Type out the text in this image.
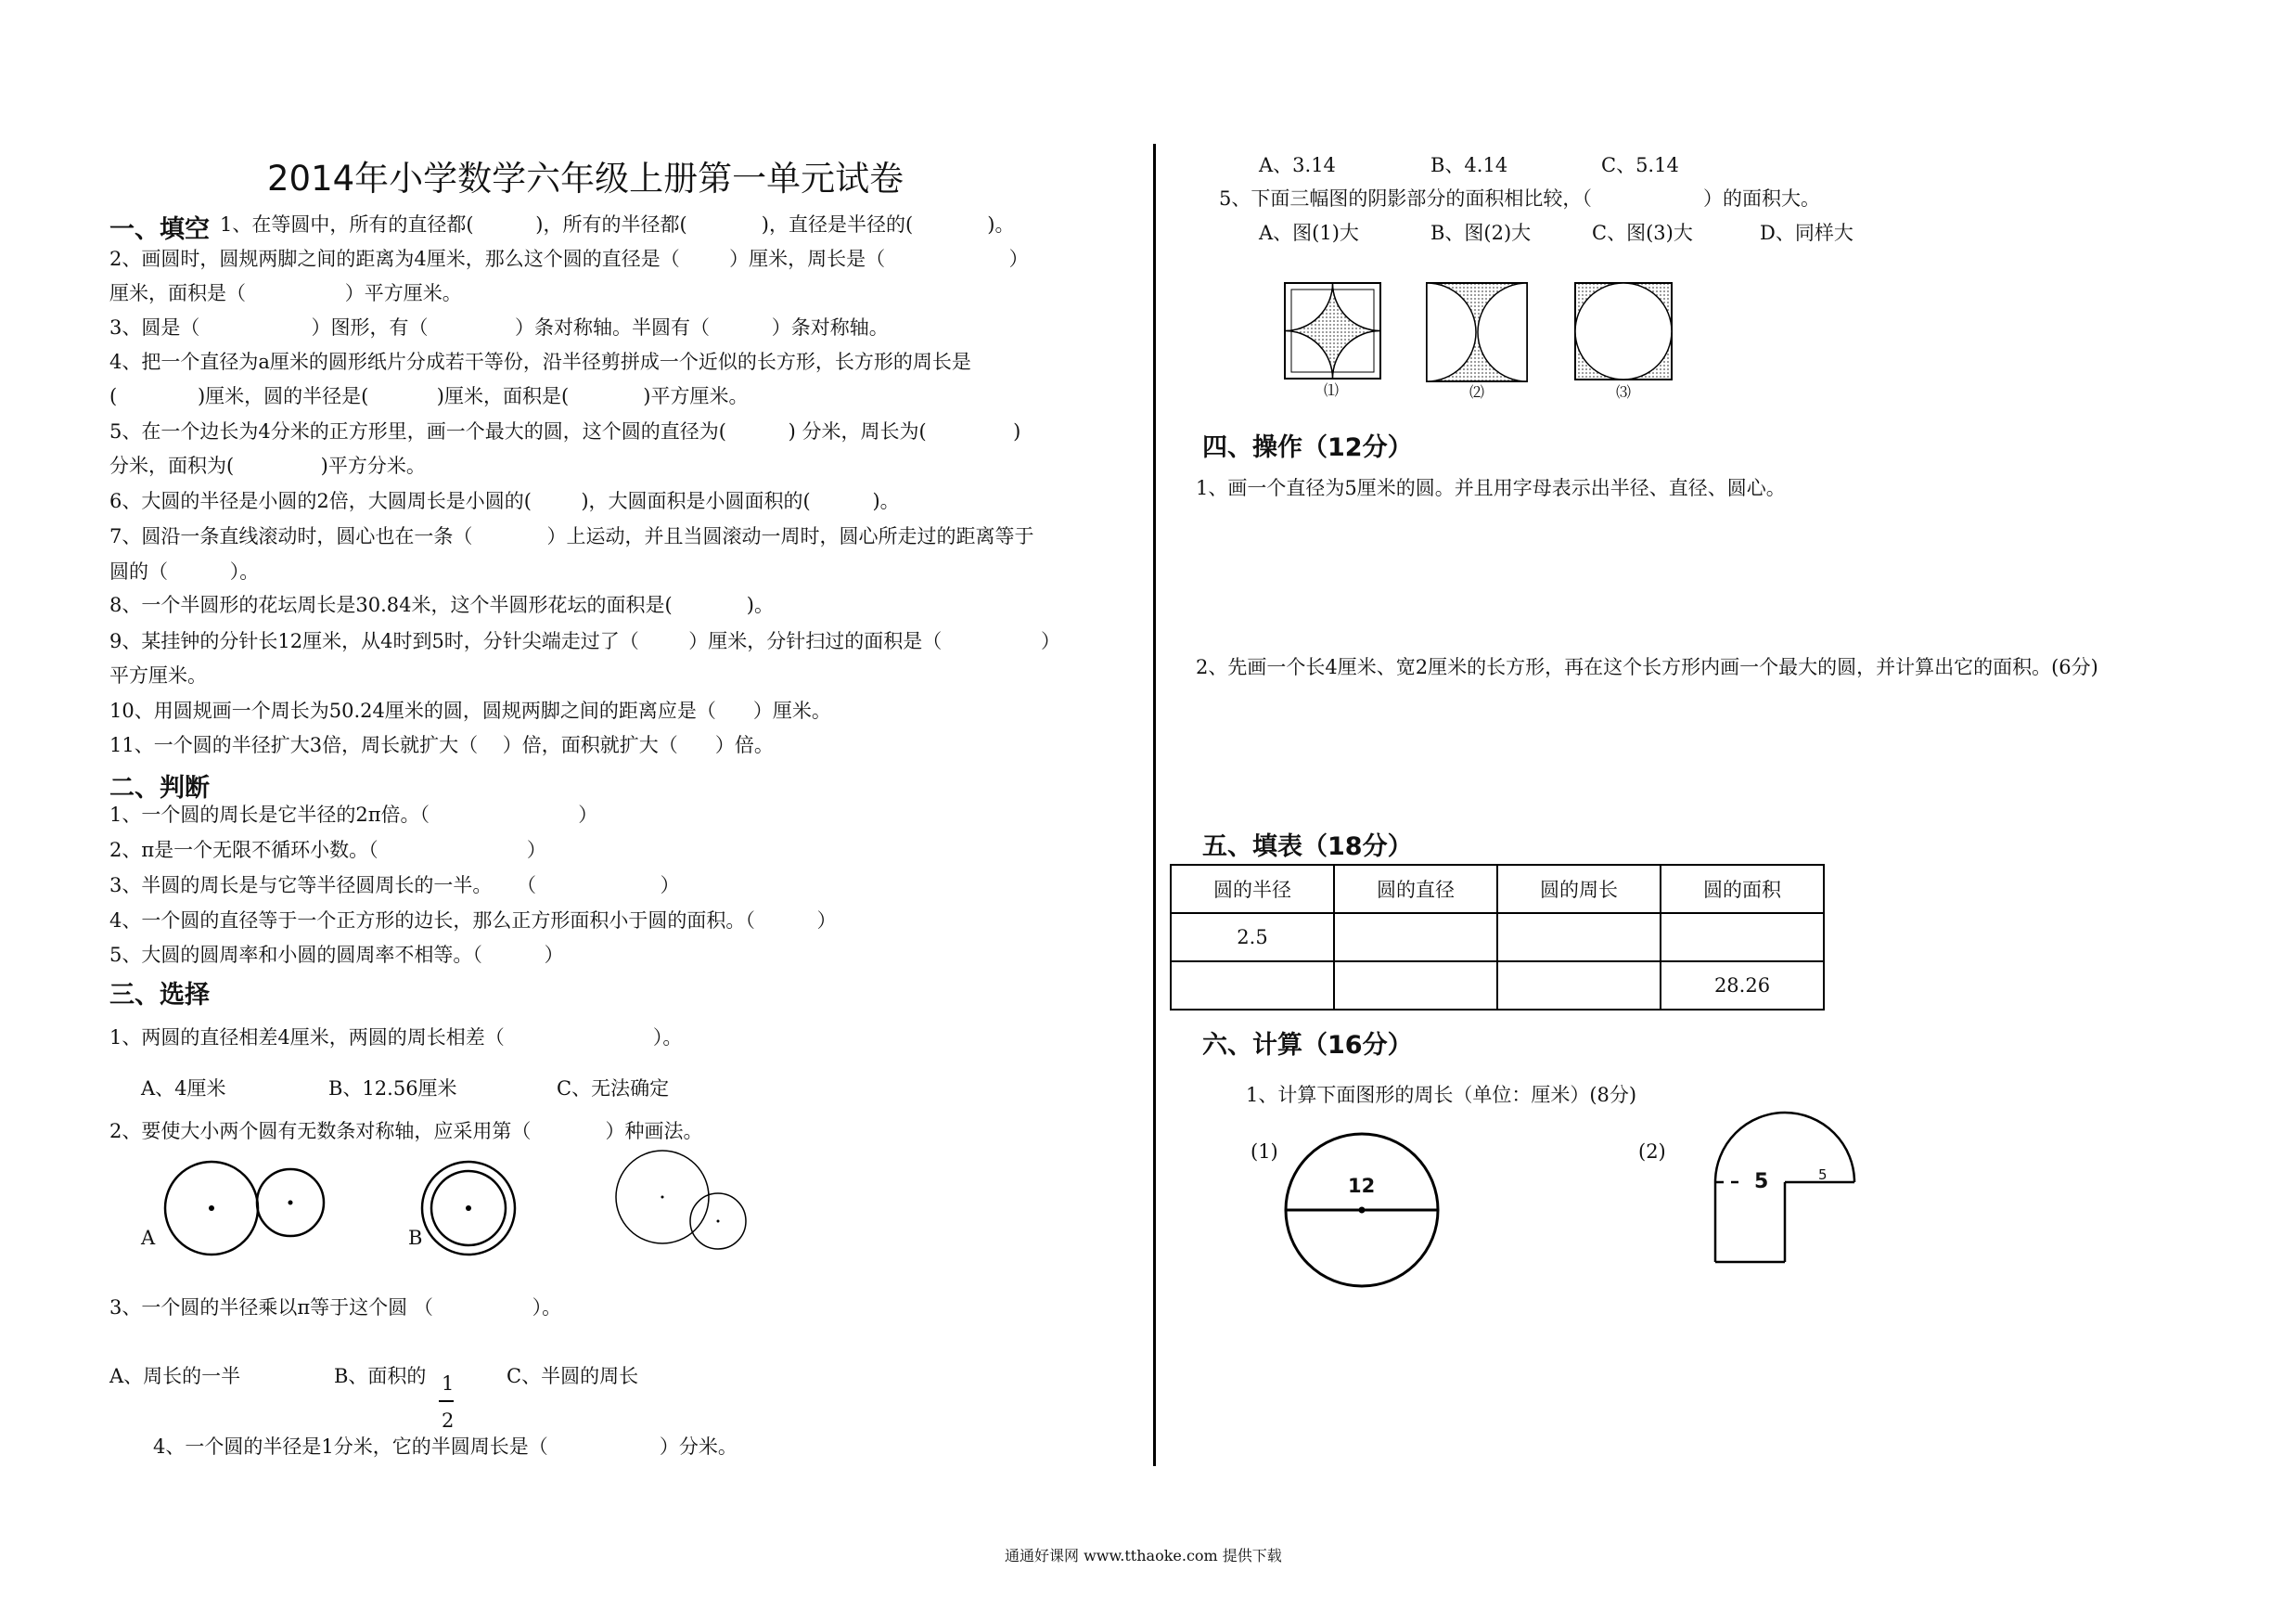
2014年小学数学六年级上册第一单元试卷
一、填空 1、在等圆中，所有的直径都(          )，所有的半径都(            )，直径是半径的(            )。
2、画圆时，圆规两脚之间的距离为4厘米，那么这个圆的直径是（        ）厘米，周长是（                    ）
厘米，面积是（                ）平方厘米。
3、圆是（                  ）图形，有（              ）条对称轴。半圆有（          ）条对称轴。
4、把一个直径为a厘米的圆形纸片分成若干等份，沿半径剪拼成一个近似的长方形，长方形的周长是
(             )厘米，圆的半径是(           )厘米，面积是(            )平方厘米。
5、在一个边长为4分米的正方形里，画一个最大的圆，这个圆的直径为(          ) 分米，周长为(              )
分米，面积为(              )平方分米。
6、大圆的半径是小圆的2倍，大圆周长是小圆的(        )，大圆面积是小圆面积的(          )。
7、圆沿一条直线滚动时，圆心也在一条（            ）上运动，并且当圆滚动一周时，圆心所走过的距离等于
圆的（          ）。
8、一个半圆形的花坛周长是30.84米，这个半圆形花坛的面积是(            )。
9、某挂钟的分针长12厘米，从4时到5时，分针尖端走过了（        ）厘米，分针扫过的面积是（                ）
平方厘米。
10、用圆规画一个周长为50.24厘米的圆，圆规两脚之间的距离应是（      ）厘米。
11、一个圆的半径扩大3倍，周长就扩大（    ）倍，面积就扩大（      ）倍。
二、判断
1、一个圆的周长是它半径的2π倍。（                        ）
2、π是一个无限不循环小数。（                        ）
3、半圆的周长是与它等半径圆周长的一半。    （                    ）
4、一个圆的直径等于一个正方形的边长，那么正方形面积小于圆的面积。（          ）
5、大圆的圆周率和小圆的圆周率不相等。（          ）
三、选择
1、两圆的直径相差4厘米，两圆的周长相差（                        ）。
A、4厘米	B、12.56厘米	C、无法确定
2、要使大小两个圆有无数条对称轴，应采用第（            ）种画法。
A	B
3、一个圆的半径乘以π等于这个圆 （                ）。
A、周长的一半	B、面积的 1
2
C、半圆的周长
4、一个圆的半径是1分米，它的半圆周长是（                  ）分米。
A、3.14	B、4.14	C、5.14
5、下面三幅图的阴影部分的面积相比较，（                  ）的面积大。
A、图(1)大	B、图(2)大	C、图(3)大	D、同样大
⑴	⑵	⑶
四、操作（12分）
1、画一个直径为5厘米的圆。并且用字母表示出半径、直径、圆心。
2、先画一个长4厘米、宽2厘米的长方形，再在这个长方形内画一个最大的圆，并计算出它的面积。(6分)
五、填表（18分）
圆的半径	圆的直径	圆的周长	圆的面积
2.5			
			28.26
六、计算（16分）
1、计算下面图形的周长（单位：厘米）(8分)
(1)	(2)
12	5	5
通通好课网 www.tthaoke.com 提供下载
